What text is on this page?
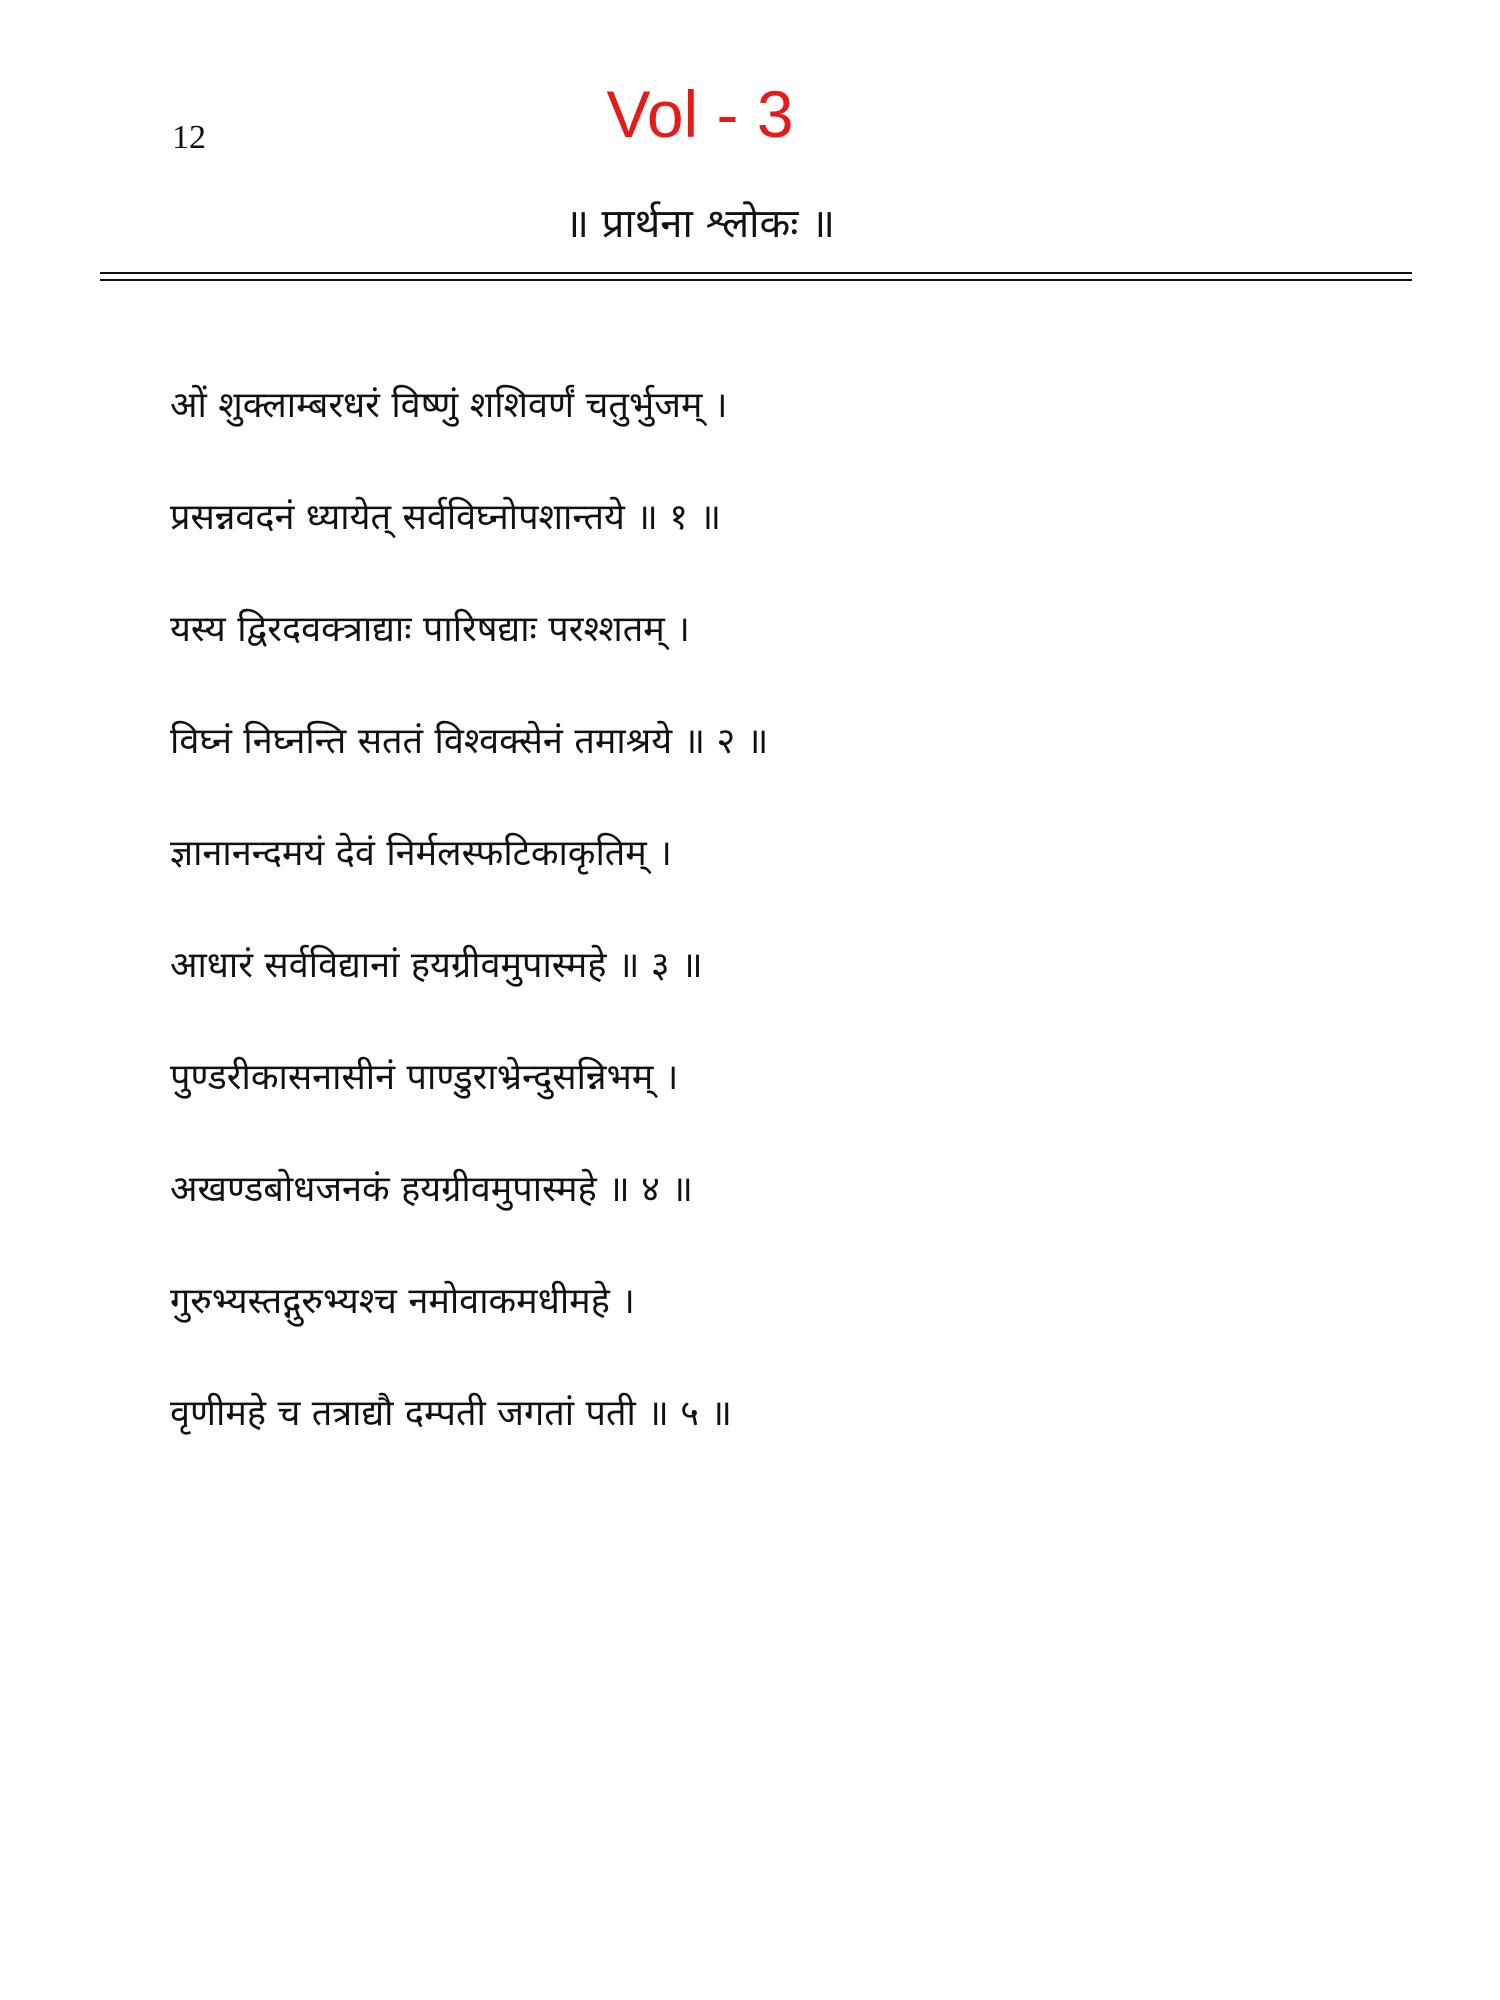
12	Vol - 3
॥ प्रार्थना श्लोकः ॥
ओं शुक्लाम्बरधरं विष्णुं शशिवर्णं चतुर्भुजम् ।
प्रसन्नवदनं ध्यायेत् सर्वविघ्नोपशान्तये ॥ १ ॥
यस्य द्विरदवक्त्राद्याः पारिषद्याः परश्शतम् ।
विघ्नं निघ्नन्ति सततं विश्वक्सेनं तमाश्रये ॥ २ ॥
ज्ञानानन्दमयं देवं निर्मलस्फटिकाकृतिम् ।
आधारं सर्वविद्यानां हयग्रीवमुपास्महे ॥ ३ ॥
पुण्डरीकासनासीनं पाण्डुराभ्रेन्दुसन्निभम् ।
अखण्डबोधजनकं हयग्रीवमुपास्महे ॥ ४ ॥
गुरुभ्यस्तद्गुरुभ्यश्च नमोवाकमधीमहे ।
वृणीमहे च तत्राद्यौ दम्पती जगतां पती ॥ ५ ॥
